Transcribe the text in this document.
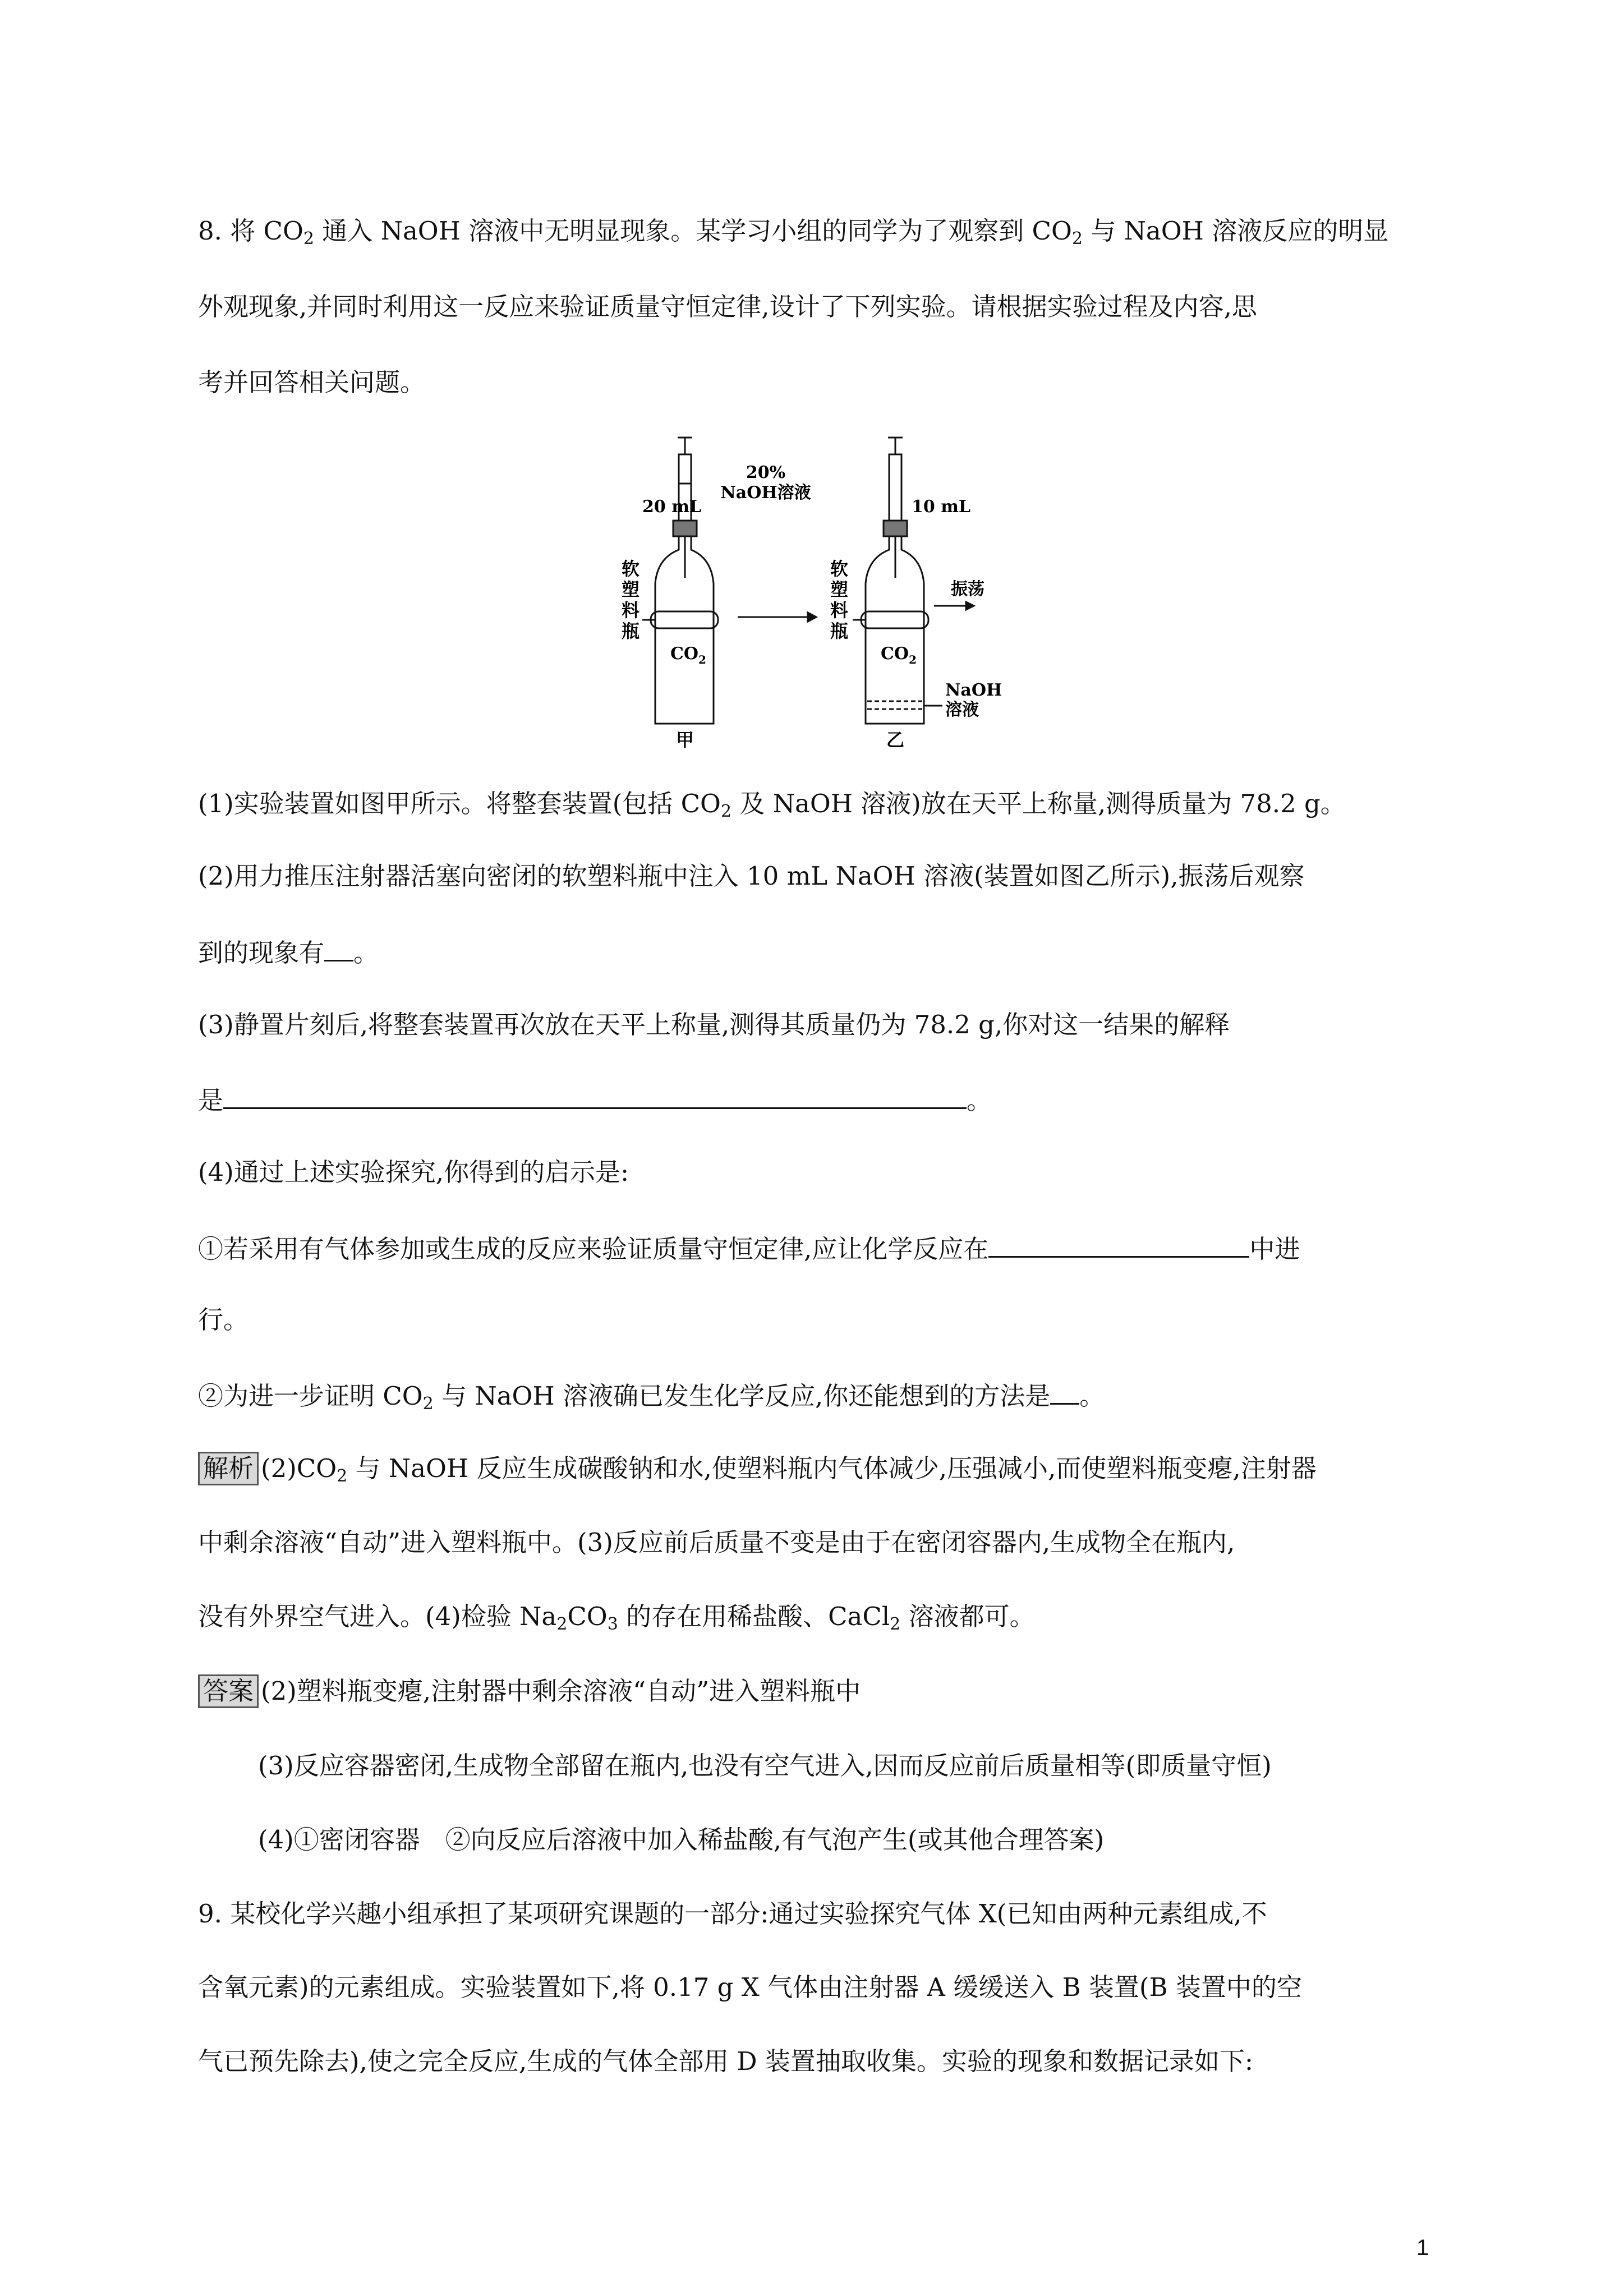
8. 将 $CO_2$ 通入 NaOH 溶液中无明显现象。某学习小组的同学为了观察到 $CO_2$ 与 NaOH 溶液反应的明显
外观现象,并同时利用这一反应来验证质量守恒定律,设计了下列实验。请根据实验过程及内容,思
考并回答相关问题。
20 mL
20%
NaOH溶液
10 mL
软
塑
料
瓶
软
塑
料
瓶
$CO_2$	$CO_2$
振荡
NaOH
溶液
甲	乙
(1)实验装置如图甲所示。将整套装置(包括 $CO_2$ 及 NaOH 溶液)放在天平上称量,测得质量为 78.2 g。
(2)用力推压注射器活塞向密闭的软塑料瓶中注入 10 mL NaOH 溶液(装置如图乙所示),振荡后观察
到的现象有 。
(3)静置片刻后,将整套装置再次放在天平上称量,测得其质量仍为 78.2 g,你对这一结果的解释
是	。
(4)通过上述实验探究,你得到的启示是:
①若采用有气体参加或生成的反应来验证质量守恒定律,应让化学反应在	中进
行。
②为进一步证明 $CO_2$ 与 NaOH 溶液确已发生化学反应,你还能想到的方法是 。
解析 $(2)CO_2$ 与 NaOH 反应生成碳酸钠和水,使塑料瓶内气体减少,压强减小,而使塑料瓶变瘪,注射器
中剩余溶液“自动”进入塑料瓶中。(3)反应前后质量不变是由于在密闭容器内,生成物全在瓶内,
没有外界空气进入。(4)检验 $Na_2CO_3$ 的存在用稀盐酸、CaCl$_2$ 溶液都可。
答案 (2)塑料瓶变瘪,注射器中剩余溶液“自动”进入塑料瓶中
(3)反应容器密闭,生成物全部留在瓶内,也没有空气进入,因而反应前后质量相等(即质量守恒)
(4)①密闭容器　②向反应后溶液中加入稀盐酸,有气泡产生(或其他合理答案)
9. 某校化学兴趣小组承担了某项研究课题的一部分:通过实验探究气体 X(已知由两种元素组成,不
含氧元素)的元素组成。实验装置如下,将 0.17 g X 气体由注射器 A 缓缓送入 B 装置(B 装置中的空
气已预先除去),使之完全反应,生成的气体全部用 D 装置抽取收集。实验的现象和数据记录如下:
1
